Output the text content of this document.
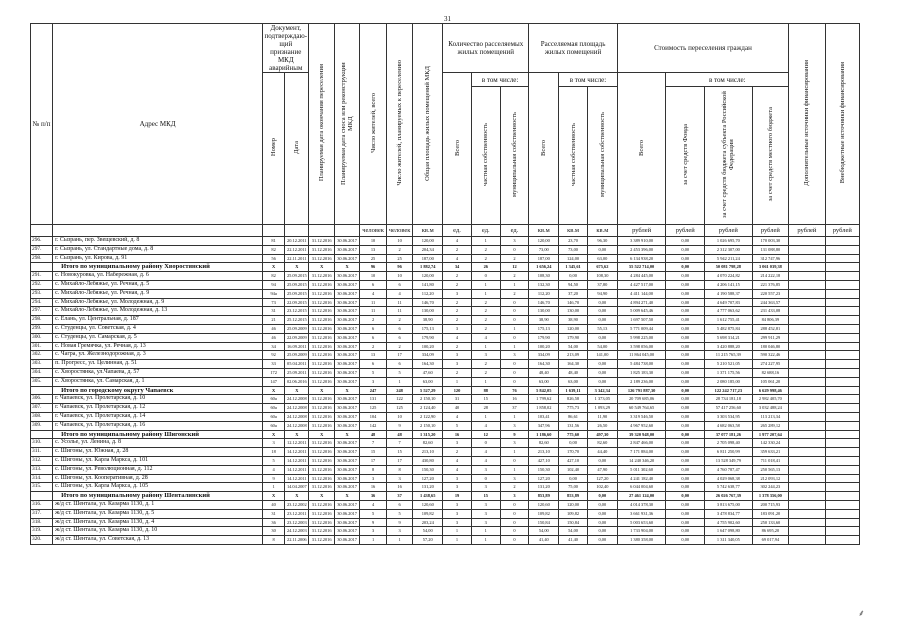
31
№ п/п	Адрес МКД	Документ, подтверждаю-щий признание МКД аварийным		Планируемая дата окончания переселения	Планируемая дата сноса или реконструкции МКД	Число жителей, всего	Число жителей, планируемых к переселению	Общая площадь жилых помещений МКД	Количество расселяемых жилых помещений			Расселяемая площадь жилых помещений			Стоимость переселения граждан				Дополнительные источники финансирования	Внебюджетные источники финансирования
		Номер	Дата						Всего	в том числе:		Всего	в том числе:		Всего	в том числе:				
										частная собственность	муниципальная собственность		частная собственность	муниципальная собственность		за счет средств Фонда	за счет средств бюджета субъекта Российской Федерации	за счет средств местного бюджета		
						человек	человек	кв.м	ед.	ед.	ед.	кв.м	кв.м	кв.м	рублей	рублей	рублей	рублей	рублей	рублей
296.	г. Сызрань, пер. Звещевский, д. 8	81	20.12.2011	31.12.2016	30.06.2017	10	10	120,00	4	1	3	120,00	23,70	96,30	3 389 910,00	0,00	1 026 695,70	170 003,30		
297.	г. Сызрань, ул. Стандартные дома, д. 8	82	22.12.2011	31.12.2016	30.06.2017	13	2	204,34	2	2	0	73,00	73,00	0,00	2 453 396,00	0,00	2 312 307,00	131 088,80		
298.	г. Сызрань, ул. Кирова, д. 91	56	22.11.2011	31.12.2016	30.06.2017	25	25	187,00	4	2	2	187,00	124,00	63,00	6 134 938,20	0,00	5 942 211,24	312 747,96		
	Итого по муниципальному району Хворостянский	X	X	X	X	96	96	1 882,74	34	26	12	1 656,24	1 345,61	675,62	55 522 714,00	0,00	50 081 798,28	3 061 039,38		
291.	с. Новокуровка, ул. Набережная, д. 6	82	25.09.2015	31.12.2016	30.06.2017	10	10	120,00	2	0	2	108,30	0,00	108,30	4 284 445,00	0,00	4 070 224,82	214 222,18		
292.	с. Михайло-Лебяжье, ул. Речная, д. 5	94	25.09.2015	31.12.2016	30.06.2017	6	6	141,80	2	1	1	132,30	94,50	37,80	4 427 517,00	0,00	4 206 141,15	221 376,85		
293.	с. Михайло-Лебяжье, ул. Речная, д. 9	94а	25.09.2015	31.12.2016	30.06.2017	4	4	112,20	3	1	2	112,20	37,20	94,90	4 411 144,00	0,00	4 190 588,37	220 557,23		
294.	с. Михайло-Лебяжье, ул. Молодежная, д. 9	73	22.09.2015	31.12.2016	30.06.2017	11	11	146,70	2	2	0	146,70	146,70	0,00	4 894 271,40	0,00	4 649 707,83	244 363,57		
297.	с. Михайло-Лебяжье, ул. Молодежная, д. 13	31	23.12.2015	31.12.2016	30.06.2017	11	11	130,00	2	2	0	130,00	130,00	0,00	5 009 645,46	0,00	4 777 063,62	231 433,08		
298.	с. Елань, ул. Центральная, д. 187	21	25.12.2015	31.12.2016	30.06.2017	2	2	38,90	2	2	0	38,90	38,90	0,00	1 697 507,50	0,00	1 612 755,41	84 806,39		
299.	с. Студенцы, ул. Советская, д. 4	46	25.09.2009	31.12.2016	30.06.2017	6	6	175,13	3	2	1	175,13	120,00	55,13	5 771 009,44	0,00	5 482 875,84	288 452,81		
300.	с. Студенцы, ул. Самарская, д. 5	46	22.09.2009	31.12.2016	30.06.2017	6	6	179,90	4	4	0	179,90	179,90	0,00	5 998 225,00	0,00	5 698 314,21	299 911,29		
301.	с. Новая Гремячка, ул. Речная, д. 13	34	16.09.2011	31.12.2016	30.06.2017	2	2	100,20	2	1	1	100,20	54,00	54,00	3 598 056,00	0,00	3 420 888,20	180 046,80		
302.	с. Чагра, ул. Железнодорожная, д. 3	92	25.09.2009	31.12.2016	30.06.2017	13	17	334,09	3	3	3	334,09	213,09	141,00	11 864 045,00	0,00	11 215 765,39	590 322,46		
303.	п. Прогресс, ул. Целинная, д. 51	33	05.04.2011	31.12.2016	30.06.2017	6	6	164,30	3	2	0	164,30	164,30	0,00	5 484 738,00	0,00	5 210 521,05	274 227,95		
304.	с. Хворостянка, ул.Чапаева, д. 57	172	25.09.2011	31.12.2016	30.06.2017	5	5	47,60	2	2	0	48,40	48,40	0,00	1 825 183,30	0,00	1 371 175,56	82 688,16		
305.	с. Хворостянка, ул. Самарская, д. 1	147	02.06.2016	31.12.2016	30.06.2017	3	1	63,00	1	1	0	63,00	63,00	0,00	2 189 236,00	0,00	2 080 185,00	105 061,20		
	Итого по городскому округу Чапаевск	X	X	X	X	247	248	5 527,29	120	88	76	5 842,05	1 639,11	3 342,34	126 791 887,30	0,00	122 242 717,23	6 629 998,46		
306.	г. Чапаевск, ул. Пролетарская, д. 10	60а	24.12.2008	31.12.2016	30.06.2017	131	122	2 150,10	31	15	16	1 799,62	826,58	1 373,05	20 709 685,06	0,00	28 734 181,18	2 982 405,70		
307.	г. Чапаевск, ул. Пролетарская, д. 12	60а	24.12.2008	31.12.2016	30.06.2017	125	125	2 124,40	40	28	37	1 858,02	775,73	1 093,29	60 549 764,65	0,00	57 417 256,60	3 032 488,24		
308.	г. Чапаевск, ул. Пролетарская, д. 14	60а	24.12.2008	31.12.2016	30.06.2017	104	10	2 122,90	4	1	1	103,41	86,61	11,90	3 319 546,50	0,00	3 303 534,95	113 213,34		
309.	г. Чапаевск, ул. Пролетарская, д. 16	60а	24.12.2008	31.12.2016	30.06.2017	142	9	2 150,10	5	4	3	347,96	131,56	26,50	4 967 952,60	0,00	4 682 063,58	265 289,12		
	Итого по муниципальному району Шигонский	X	X	X	X	48	48	1 315,20	16	12	9	1 186,60	775,60	497,30	39 320 948,00	0,00	37 077 181,26	1 977 207,64		
310.	с. Усолье, ул. Ленина, д. 8	3	12.12.2011	31.12.2016	30.06.2017	7	7	82,60	3	0	3	82,60	0,00	82,60	2 847 466,00	0,00	2 705 098,40	142 330,24		
311.	с. Шигоны, ул. Южная, д. 28	18	14.12.2011	31.12.2016	30.06.2017	15	15	213,10	2	4	1	213,10	170,70	44,40	7 171 884,00	0,00	6 811 250,99	359 633,21		
312.	с. Шигоны, ул. Карла Маркса, д. 101	5	14.12.2011	31.12.2016	30.06.2017	17	17	430,80	4	4	0	427,10	427,10	0,00	14 240 346,20	0,00	13 528 349,79	711 018,41		
313.	с. Шигоны, ул. Революционная, д. 112	4	14.12.2011	31.12.2016	30.06.2017	8	8	150,30	4	3	1	150,30	102,40	47,90	5 011 302,60	0,00	4 760 787,47	250 565,13		
314.	с. Шигоны, ул. Кооперативная, д. 28	9	14.12.2011	31.12.2016	30.06.2017	3	3	127,20	3	0	3	127,20	0,00	127,20	4 241 182,40	0,00	4 029 068,38	212 093,12		
315.	с. Шигоны, ул. Карла Маркса, д. 105	1	14.04.2007	31.12.2016	30.06.2017	16	16	131,20	3	3	2	131,20	75,00	102,40	6 044 004,60	0,00	5 742 638,77	302 244,23		
	Итого по муниципальному району Шенталинский	X	X	X	X	36	37	1 438,65	19	15	3	853,89	853,89	0,00	27 461 124,00	0,00	26 026 767,39	1 378 356,00		
316.	ж/д ст. Шентала, ул. Казарма 1130, д. 1	40	23.12.2002	31.12.2016	30.06.2017	4	6	120,60	3	3	0	120,60	120,00	0,00	4 014 378,30	0,00	3 813 675,00	200 715,93		
317.	ж/д ст. Шентала, ул. Казарма 1130, д. 5	31	23.12.2011	31.12.2016	30.06.2017	5	5	109,82	3	3	0	109,82	109,82	0,00	3 661 931,36	0,00	3 478 834,77	183 091,20		
318.	ж/д ст. Шентала, ул. Казарма 1130, д. 4	36	23.12.2003	31.12.2016	30.06.2017	9	9	203,24	3	3	0	150,84	150,84	0,00	5 003 653,60	0,00	4 755 902,60	250 133,60		
319.	ж/д ст. Шентала, ул. Казарма 1130, д. 10	30	24.12.2003	31.12.2016	30.06.2017	3	3	54,00	1	1	0	54,00	54,00	0,00	1 733 904,00	0,00	1 647 098,80	86 695,20		
320.	ж/д ст. Шентала, ул. Советская, д. 13	8	22.11.2006	31.12.2016	30.06.2017	1	1	57,20	1	1	0	41,40	41,40	0,00	1 380 358,00	0,00	1 311 340,05	69 017,94		
⸙
